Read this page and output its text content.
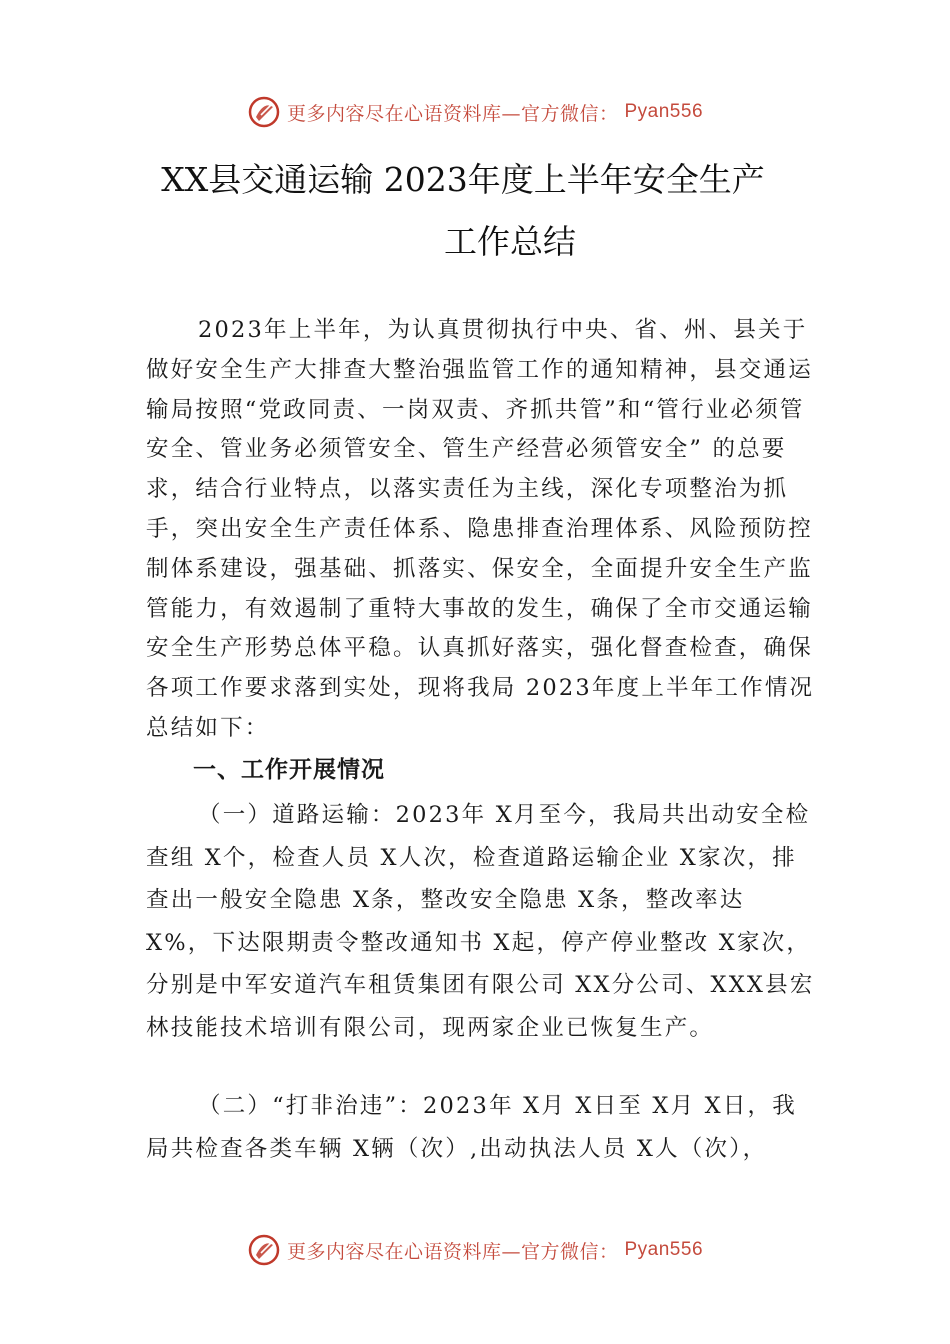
更多内容尽在心语资料库—官方微信： Pyan556
XX县交通运输 2023年度上半年安全生产
工作总结

2023年上半年，为认真贯彻执行中央、省、州、县关于做好安全生产大排查大整治强监管工作的通知精神，县交通运输局按照“党政同责、一岗双责、齐抓共管”和“管行业必须管安全、管业务必须管安全、管生产经营必须管安全” 的总要求，结合行业特点，以落实责任为主线，深化专项整治为抓手，突出安全生产责任体系、隐患排查治理体系、风险预防控制体系建设，强基础、抓落实、保安全，全面提升安全生产监管能力，有效遏制了重特大事故的发生，确保了全市交通运输安全生产形势总体平稳。认真抓好落实，强化督查检查，确保各项工作要求落到实处，现将我局 2023年度上半年工作情况总结如下：

一、工作开展情况

（一）道路运输：2023年 X月至今，我局共出动安全检查组 X个，检查人员 X人次，检查道路运输企业 X家次，排查出一般安全隐患 X条，整改安全隐患 X条，整改率达 X%，下达限期责令整改通知书 X起，停产停业整改 X家次，分别是中军安道汽车租赁集团有限公司 XX分公司、XXX县宏林技能技术培训有限公司，现两家企业已恢复生产。

（二）“打非治违”：2023年 X月 X日至 X月 X日，我局共检查各类车辆 X辆（次）,出动执法人员 X人（次），

更多内容尽在心语资料库—官方微信： Pyan556
